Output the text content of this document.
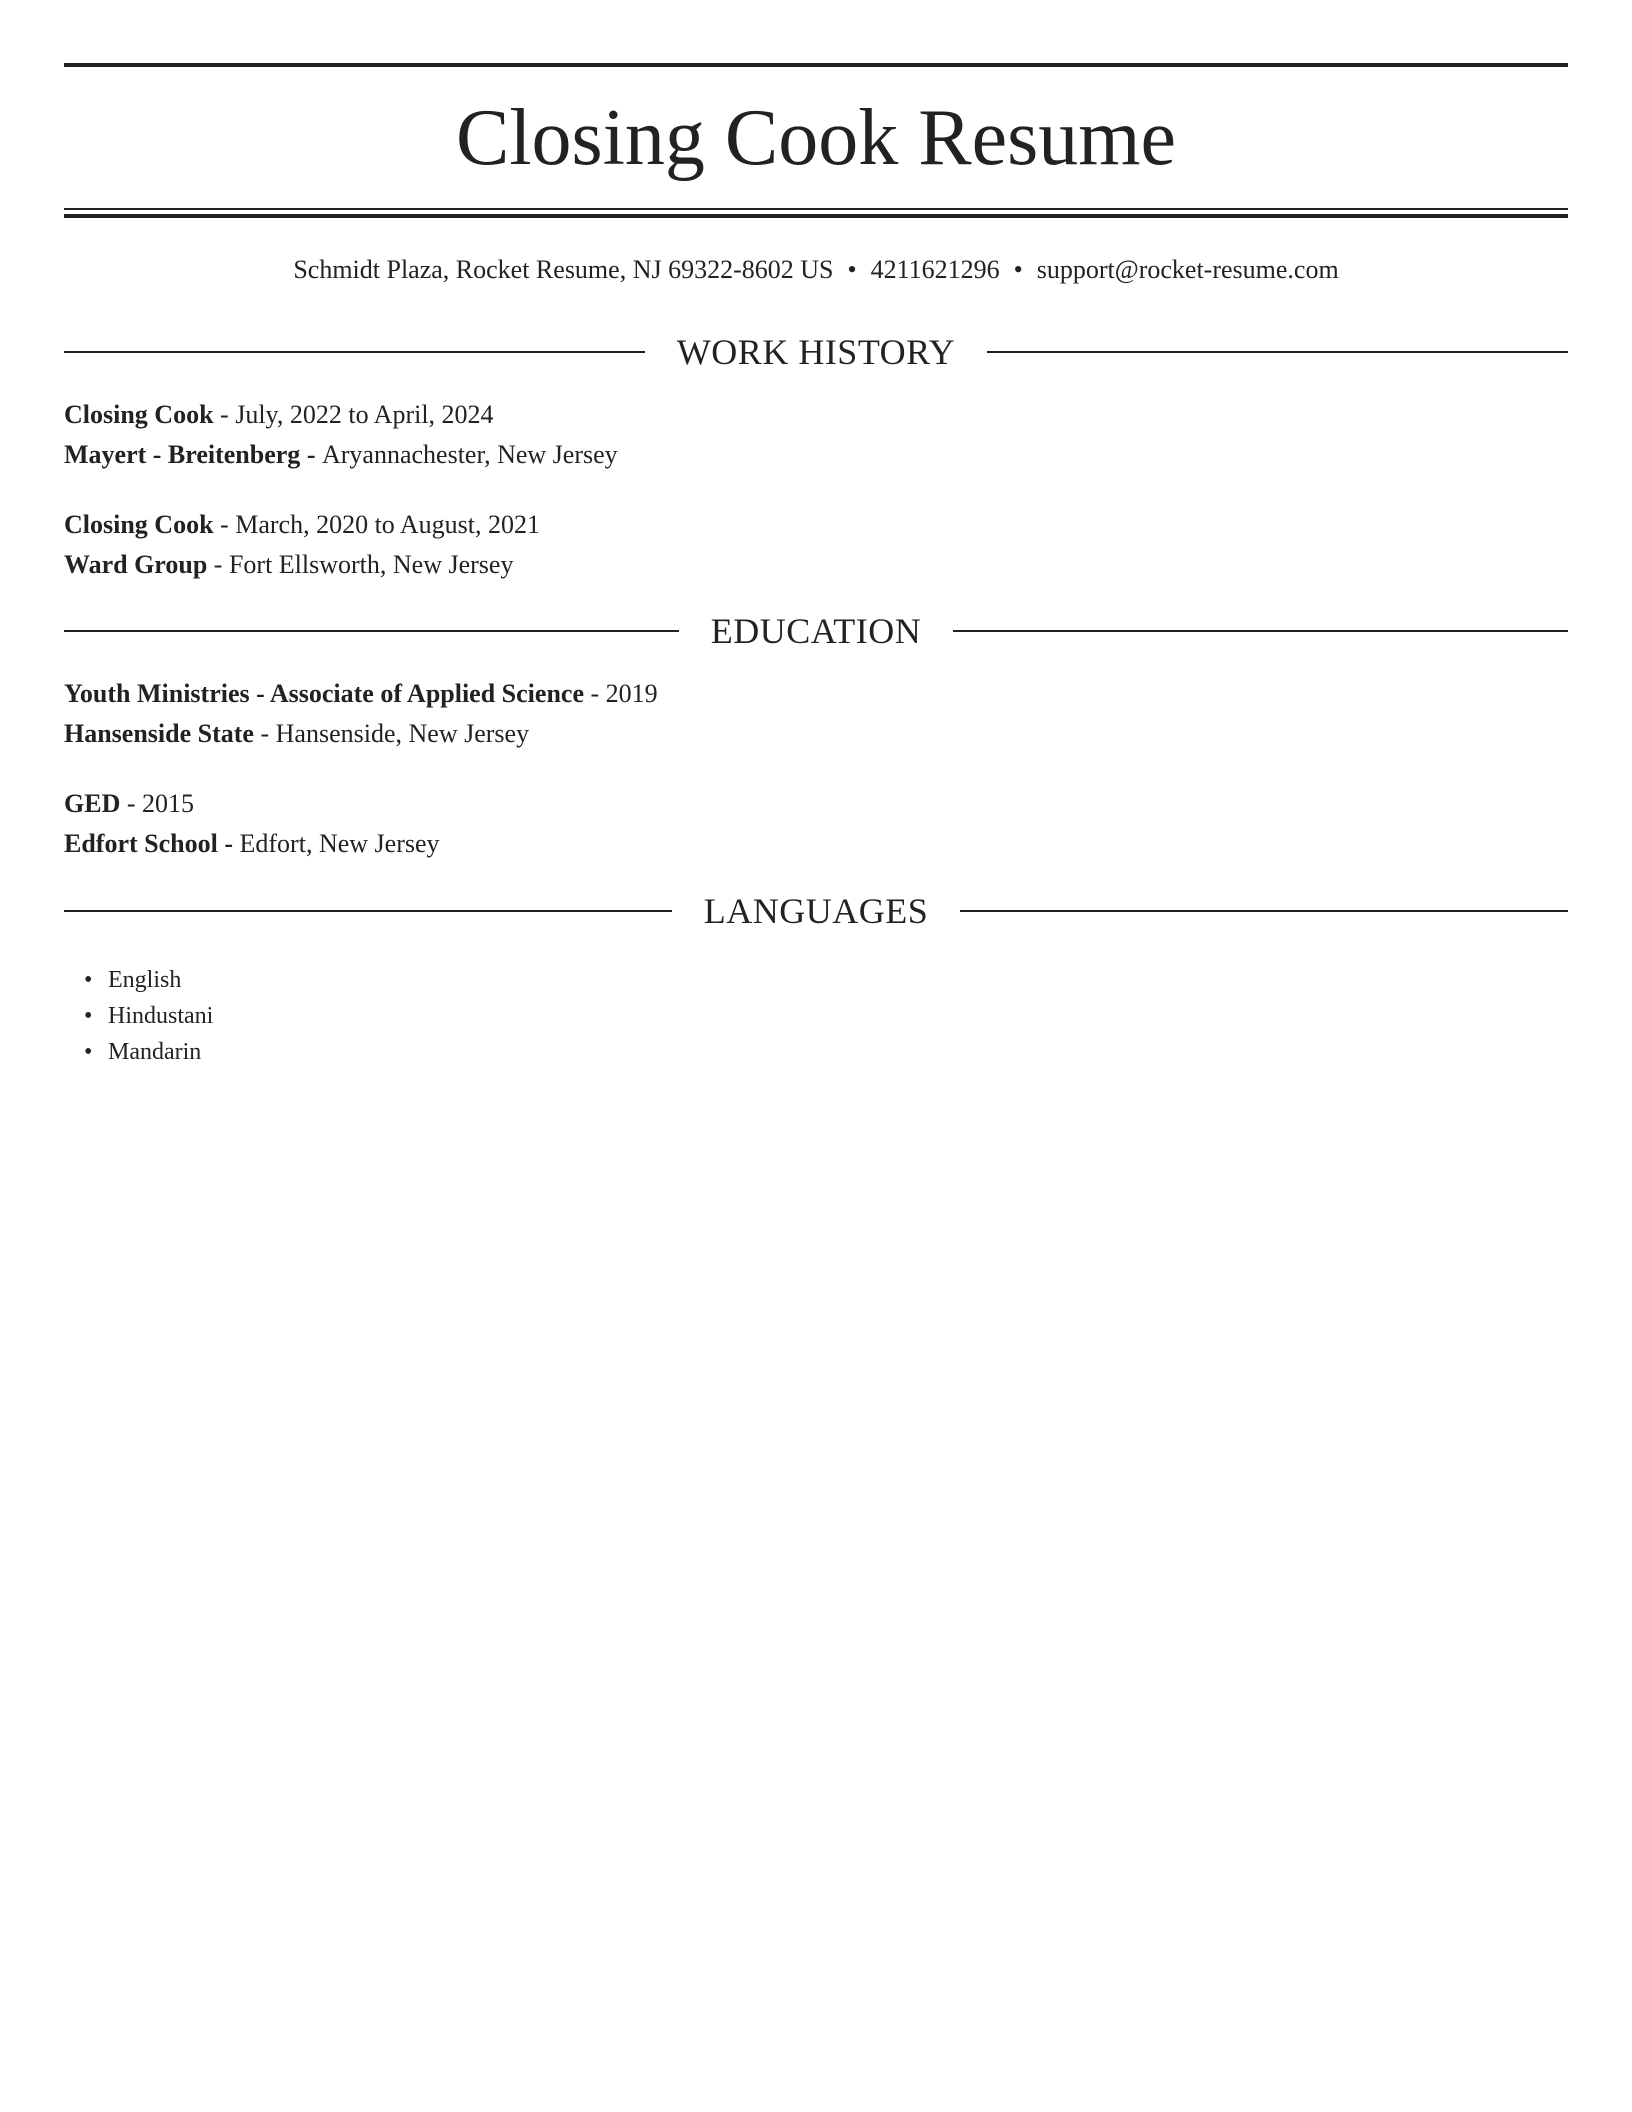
Closing Cook Resume
Schmidt Plaza, Rocket Resume, NJ 69322-8602 US • 4211621296 • support@rocket-resume.com
WORK HISTORY
Closing Cook - July, 2022 to April, 2024
Mayert - Breitenberg - Aryannachester, New Jersey
Closing Cook - March, 2020 to August, 2021
Ward Group - Fort Ellsworth, New Jersey
EDUCATION
Youth Ministries - Associate of Applied Science - 2019
Hansenside State - Hansenside, New Jersey
GED - 2015
Edfort School - Edfort, New Jersey
LANGUAGES
• English
• Hindustani
• Mandarin
